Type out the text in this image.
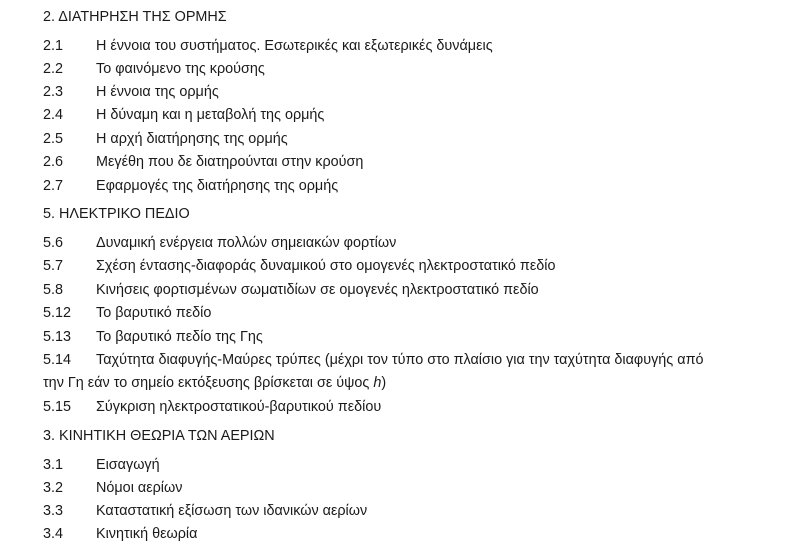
2. ΔΙΑΤΗΡΗΣΗ ΤΗΣ ΟΡΜΗΣ
2.1 Η έννοια του συστήματος. Εσωτερικές και εξωτερικές δυνάμεις
2.2 Το φαινόμενο της κρούσης
2.3 Η έννοια της ορμής
2.4 Η δύναμη και η μεταβολή της ορμής
2.5 Η αρχή διατήρησης της ορμής
2.6 Μεγέθη που δε διατηρούνται στην κρούση
2.7 Εφαρμογές της διατήρησης της ορμής
5. ΗΛΕΚΤΡΙΚΟ ΠΕΔΙΟ
5.6 Δυναμική ενέργεια πολλών σημειακών φορτίων
5.7 Σχέση έντασης-διαφοράς δυναμικού στο ομογενές ηλεκτροστατικό πεδίο
5.8 Κινήσεις φορτισμένων σωματιδίων σε ομογενές ηλεκτροστατικό πεδίο
5.12 Το βαρυτικό πεδίο
5.13 Το βαρυτικό πεδίο της Γης
5.14 Ταχύτητα διαφυγής-Μαύρες τρύπες (μέχρι τον τύπο στο πλαίσιο για την ταχύτητα διαφυγής από
την Γη εάν το σημείο εκτόξευσης βρίσκεται σε ύψος h)
5.15 Σύγκριση ηλεκτροστατικού-βαρυτικού πεδίου
3. ΚΙΝΗΤΙΚΗ ΘΕΩΡΙΑ ΤΩΝ ΑΕΡΙΩΝ
3.1 Εισαγωγή
3.2 Νόμοι αερίων
3.3 Καταστατική εξίσωση των ιδανικών αερίων
3.4 Κινητική θεωρία
